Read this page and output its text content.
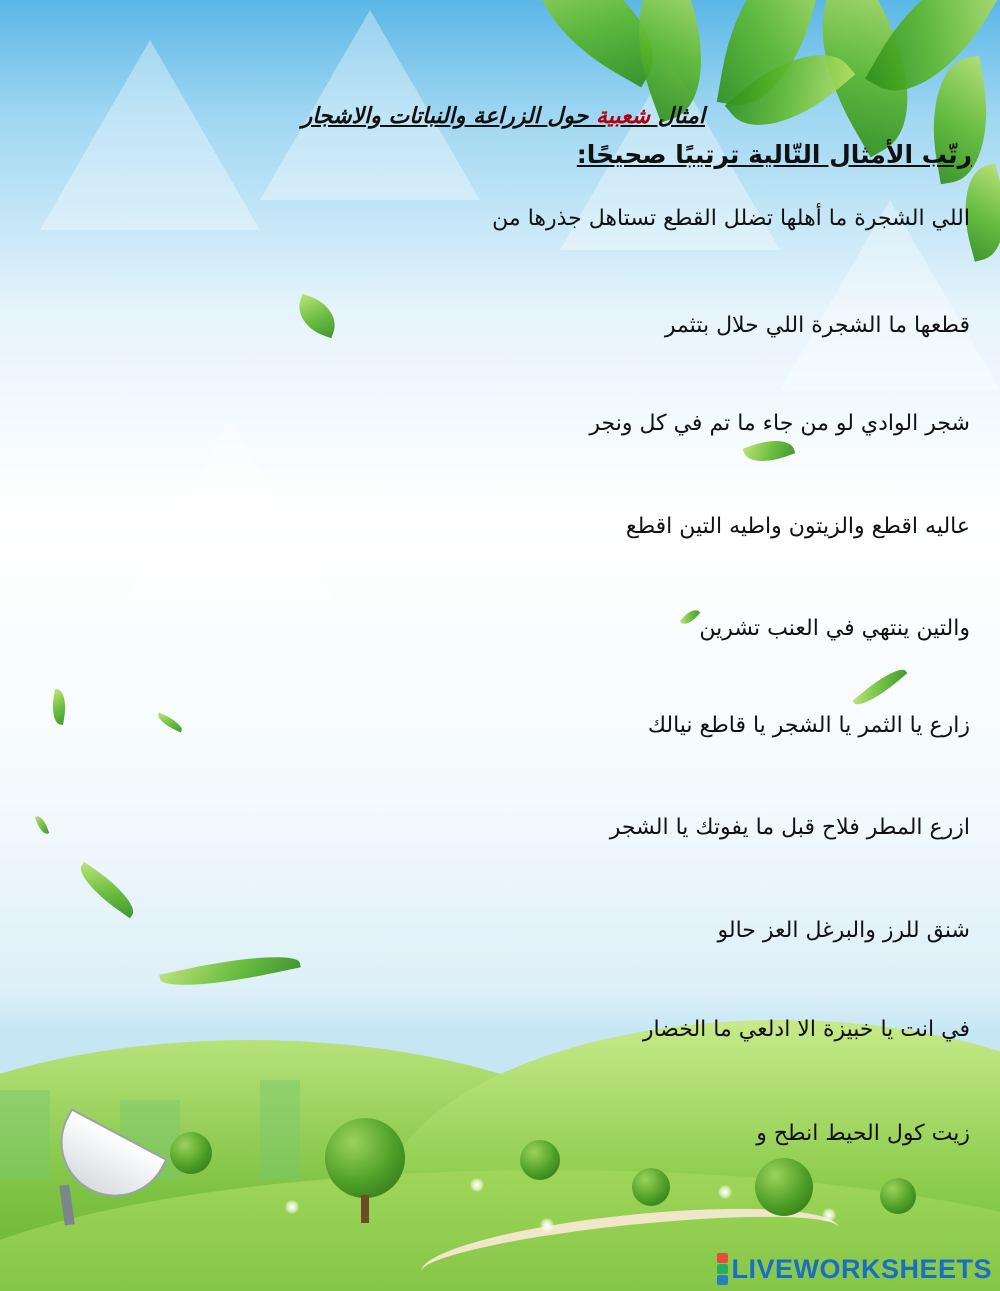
امثال شعبية حول الزراعة والنباتات والاشجار

رتّب الأمثال التّالية ترتيبًا صحيحًا:

اللي الشجرة ما أهلها تضلل القطع تستاهل جذرها من
قطعها ما الشجرة اللي حلال بتثمر
شجر الوادي لو من جاء ما تم في كل ونجر
عاليه اقطع والزيتون واطيه التين اقطع
والتين ينتهي في العنب تشرين
زارع يا الثمر يا الشجر يا قاطع نيالك
ازرع المطر فلاح قبل ما يفوتك يا الشجر
شنق للرز والبرغل العز حالو
في انت يا خبيزة الا ادلعي ما الخضار
زيت كول الحيط انطح و
LIVEWORKSHEETS
